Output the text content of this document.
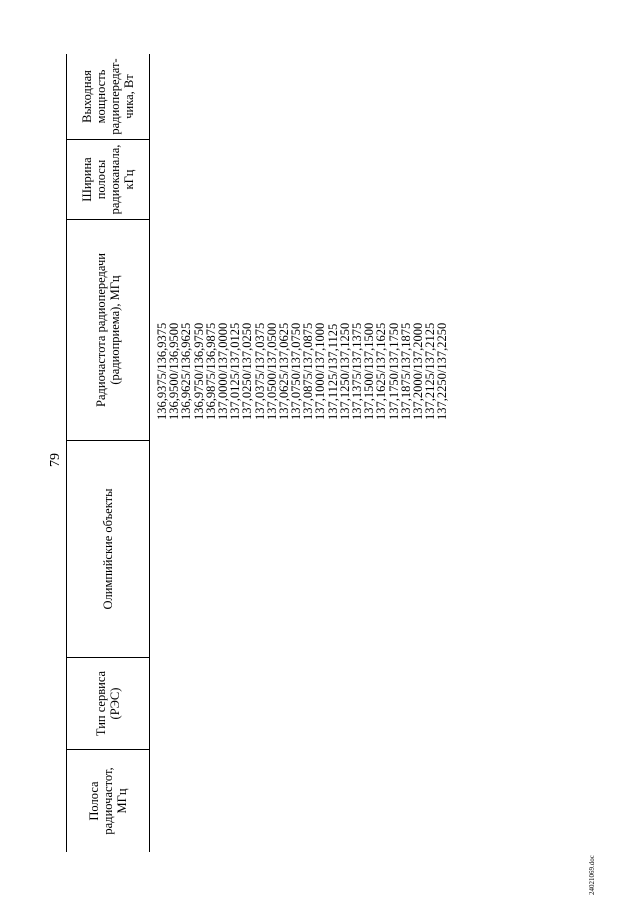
79
Полоса радиочастот, МГц
Тип сервиса (РЭС)
Олимпийские объекты
Радиочастота радиопередачи (радиоприема), МГц
Ширина полосы радиоканала, кГц
Выходная мощность радиопередат-чика, Вт
136,9375/136,9375
136,9500/136,9500
136,9625/136,9625
136,9750/136,9750
136,9875/136,9875
137,0000/137,0000
137,0125/137,0125
137,0250/137,0250
137,0375/137,0375
137,0500/137,0500
137,0625/137,0625
137,0750/137,0750
137,0875/137,0875
137,1000/137,1000
137,1125/137,1125
137,1250/137,1250
137,1375/137,1375
137,1500/137,1500
137,1625/137,1625
137,1750/137,1750
137,1875/137,1875
137,2000/137,2000
137,2125/137,2125
137,2250/137,2250
24021069.doc
